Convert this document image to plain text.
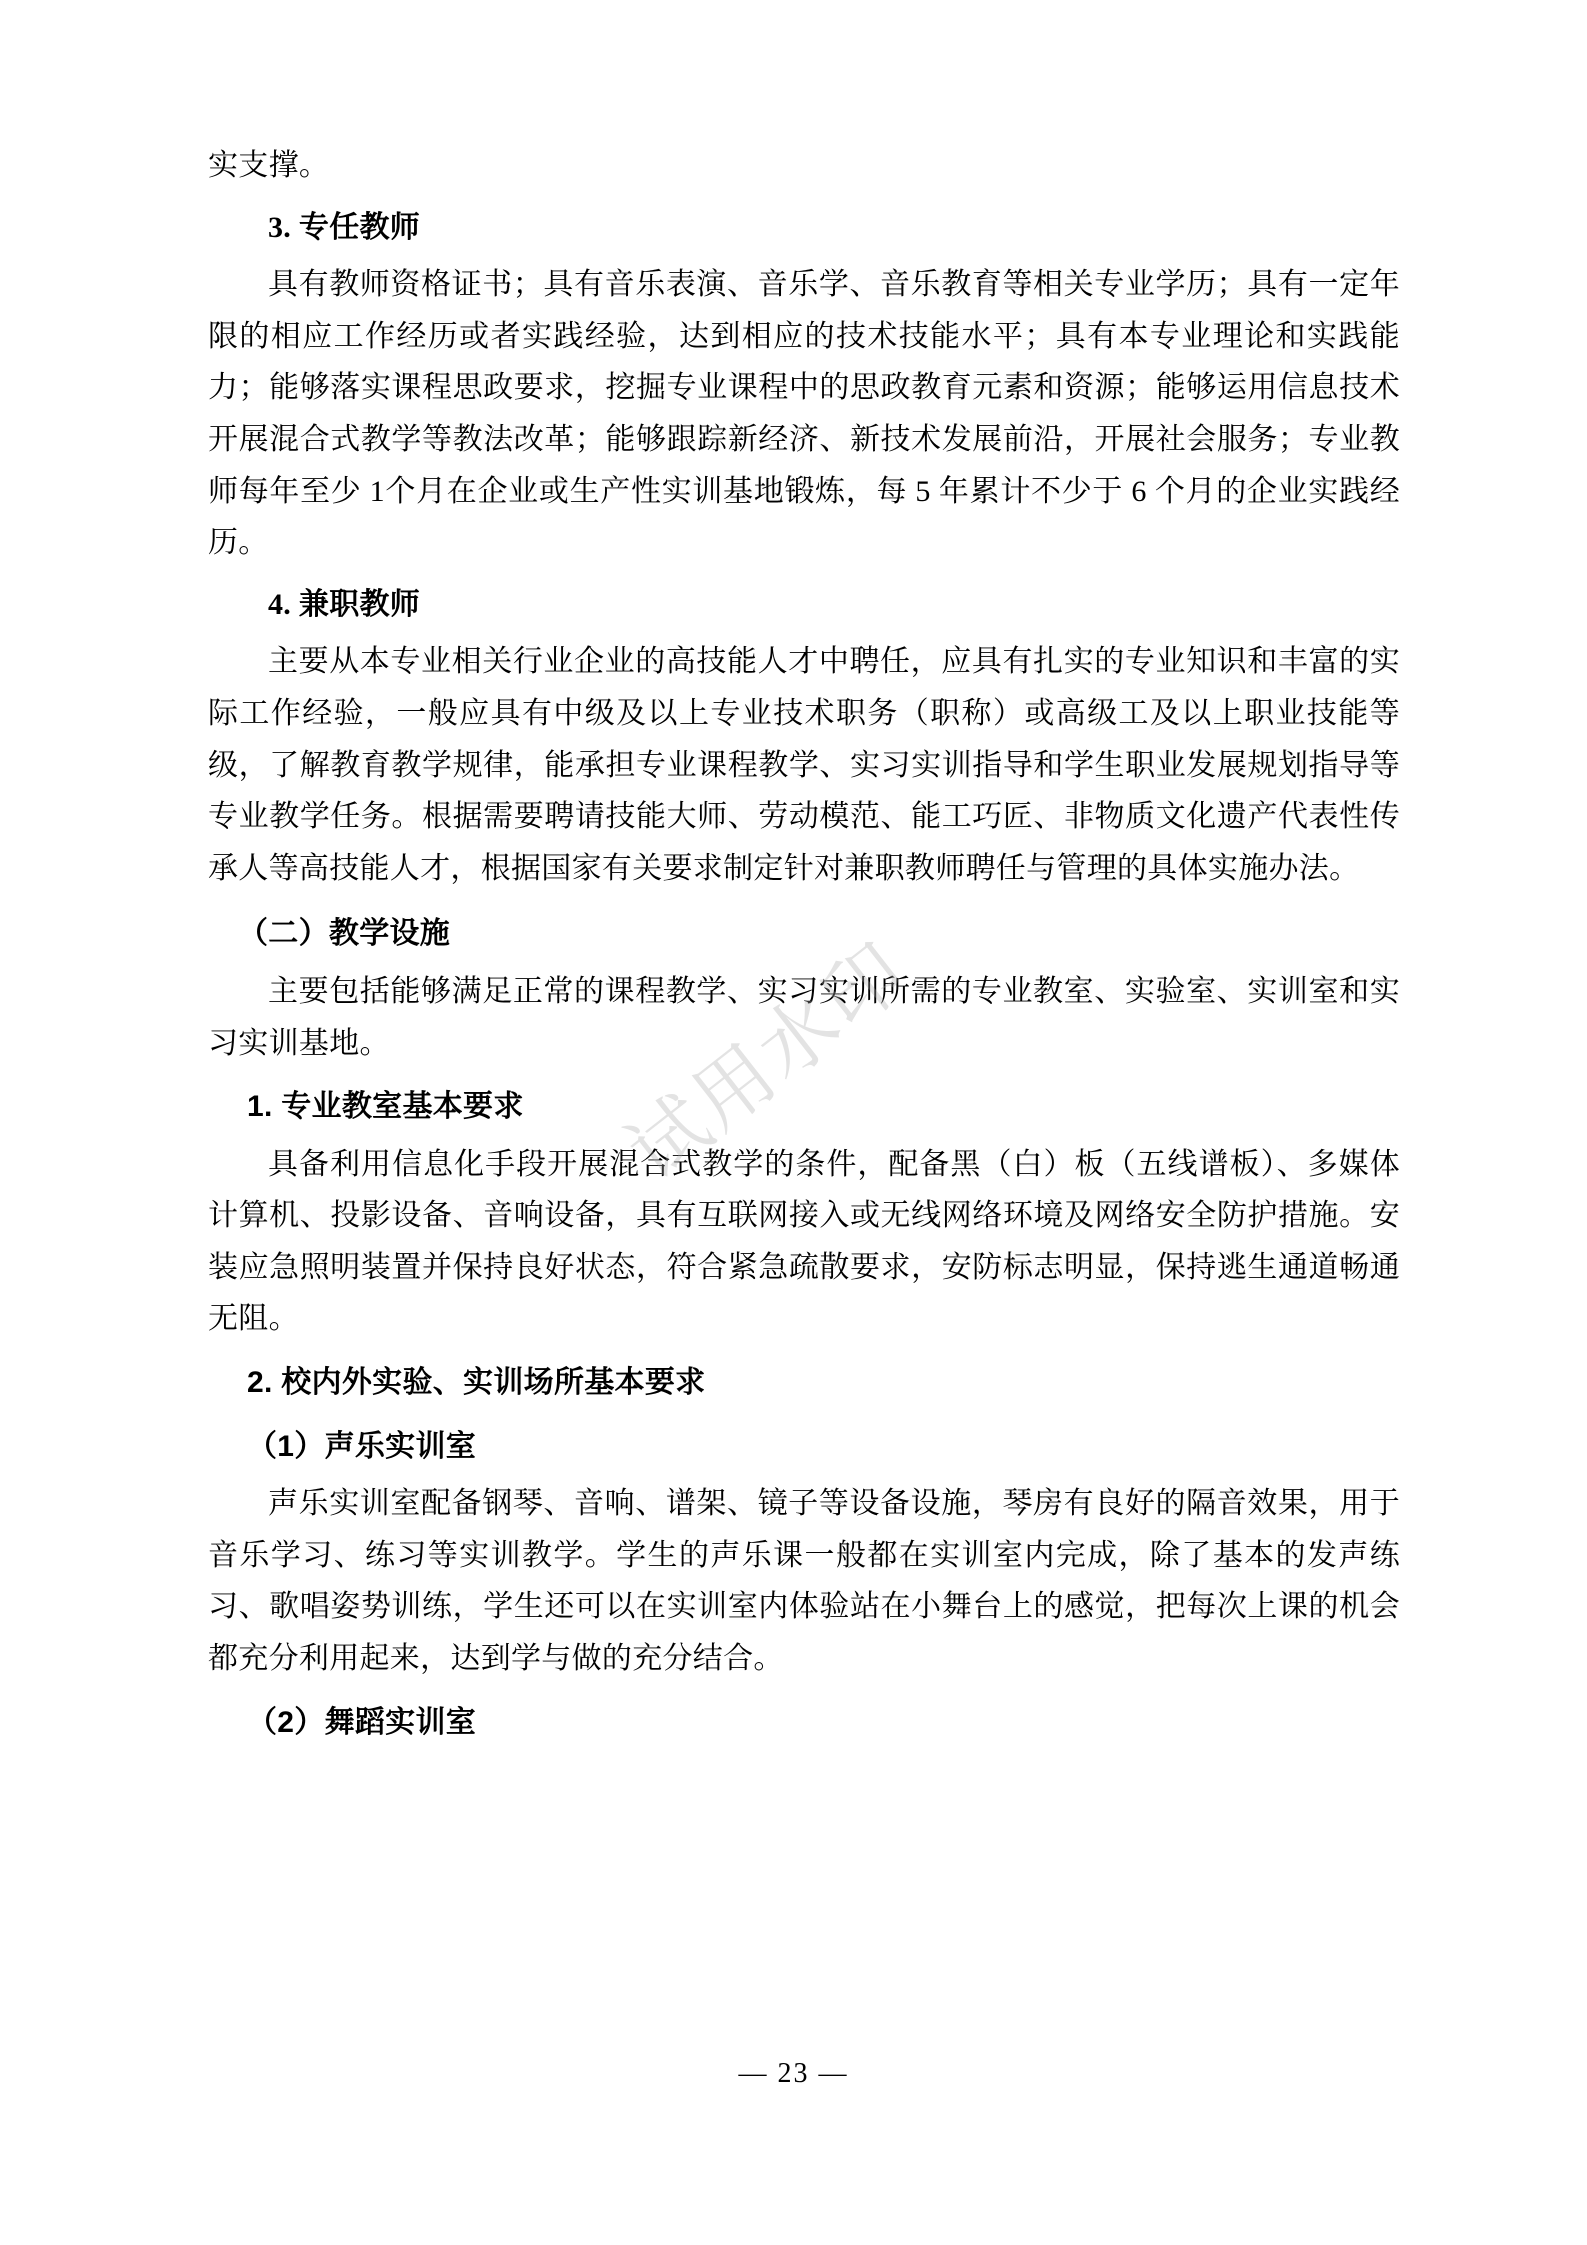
实支撑。

3. 专任教师

具有教师资格证书；具有音乐表演、音乐学、音乐教育等相关专业学历；具有一定年限的相应工作经历或者实践经验，达到相应的技术技能水平；具有本专业理论和实践能力；能够落实课程思政要求，挖掘专业课程中的思政教育元素和资源；能够运用信息技术开展混合式教学等教法改革；能够跟踪新经济、新技术发展前沿，开展社会服务；专业教师每年至少 1个月在企业或生产性实训基地锻炼，每 5 年累计不少于 6 个月的企业实践经历。

4. 兼职教师

主要从本专业相关行业企业的高技能人才中聘任，应具有扎实的专业知识和丰富的实际工作经验，一般应具有中级及以上专业技术职务（职称）或高级工及以上职业技能等级，了解教育教学规律，能承担专业课程教学、实习实训指导和学生职业发展规划指导等专业教学任务。根据需要聘请技能大师、劳动模范、能工巧匠、非物质文化遗产代表性传承人等高技能人才，根据国家有关要求制定针对兼职教师聘任与管理的具体实施办法。

（二）教学设施

主要包括能够满足正常的课程教学、实习实训所需的专业教室、实验室、实训室和实习实训基地。

1. 专业教室基本要求

具备利用信息化手段开展混合式教学的条件，配备黑（白）板（五线谱板）、多媒体计算机、投影设备、音响设备，具有互联网接入或无线网络环境及网络安全防护措施。安装应急照明装置并保持良好状态，符合紧急疏散要求，安防标志明显，保持逃生通道畅通无阻。

2. 校内外实验、实训场所基本要求

（1）声乐实训室

声乐实训室配备钢琴、音响、谱架、镜子等设备设施，琴房有良好的隔音效果，用于音乐学习、练习等实训教学。学生的声乐课一般都在实训室内完成，除了基本的发声练习、歌唱姿势训练，学生还可以在实训室内体验站在小舞台上的感觉，把每次上课的机会都充分利用起来，达到学与做的充分结合。

（2）舞蹈实训室

试用水印
— 23 —
